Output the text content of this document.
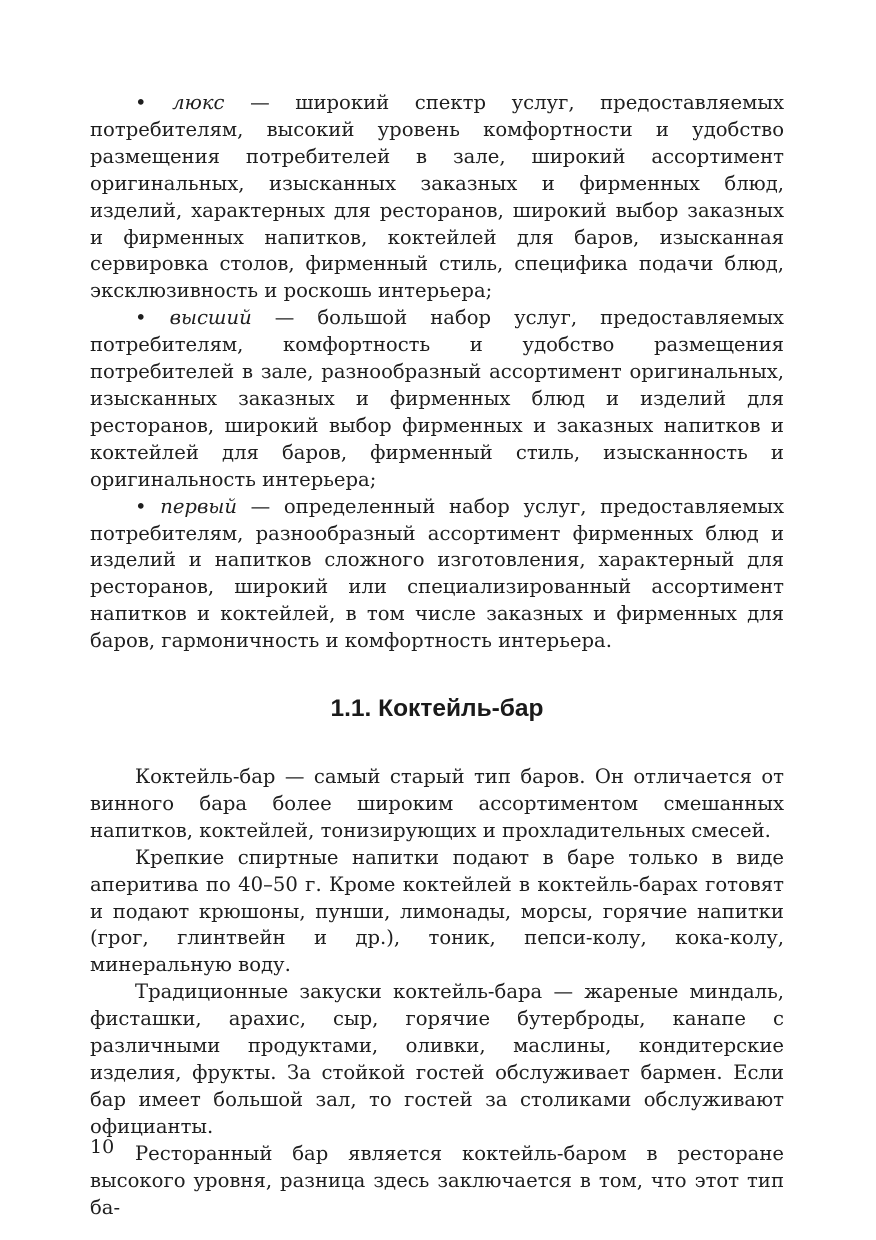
• люкс — широкий спектр услуг, предоставляемых потребителям, высокий уровень комфортности и удобство размещения потребителей в зале, широкий ассортимент оригинальных, изысканных заказных и фирменных блюд, изделий, характерных для ресторанов, широкий выбор заказных и фирменных напитков, коктейлей для баров, изысканная сервировка столов, фирменный стиль, специфика подачи блюд, эксклюзивность и роскошь интерьера;

• высший — большой набор услуг, предоставляемых потребителям, комфортность и удобство размещения потребителей в зале, разнообразный ассортимент оригинальных, изысканных заказных и фирменных блюд и изделий для ресторанов, широкий выбор фирменных и заказных напитков и коктейлей для баров, фирменный стиль, изысканность и оригинальность интерьера;

• первый — определенный набор услуг, предоставляемых потребителям, разнообразный ассортимент фирменных блюд и изделий и напитков сложного изготовления, характерный для ресторанов, широкий или специализированный ассортимент напитков и коктейлей, в том числе заказных и фирменных для баров, гармоничность и комфортность интерьера.

1.1. Коктейль-бар

Коктейль-бар — самый старый тип баров. Он отличается от винного бара более широким ассортиментом смешанных напитков, коктейлей, тонизирующих и прохладительных смесей.

Крепкие спиртные напитки подают в баре только в виде аперитива по 40–50 г. Кроме коктейлей в коктейль-барах готовят и подают крюшоны, пунши, лимонады, морсы, горячие напитки (грог, глинтвейн и др.), тоник, пепси-колу, кока-колу, минеральную воду.

Традиционные закуски коктейль-бара — жареные миндаль, фисташки, арахис, сыр, горячие бутерброды, канапе с различными продуктами, оливки, маслины, кондитерские изделия, фрукты. За стойкой гостей обслуживает бармен. Если бар имеет большой зал, то гостей за столиками обслуживают официанты.

Ресторанный бар является коктейль-баром в ресторане высокого уровня, разница здесь заключается в том, что этот тип ба-

10
